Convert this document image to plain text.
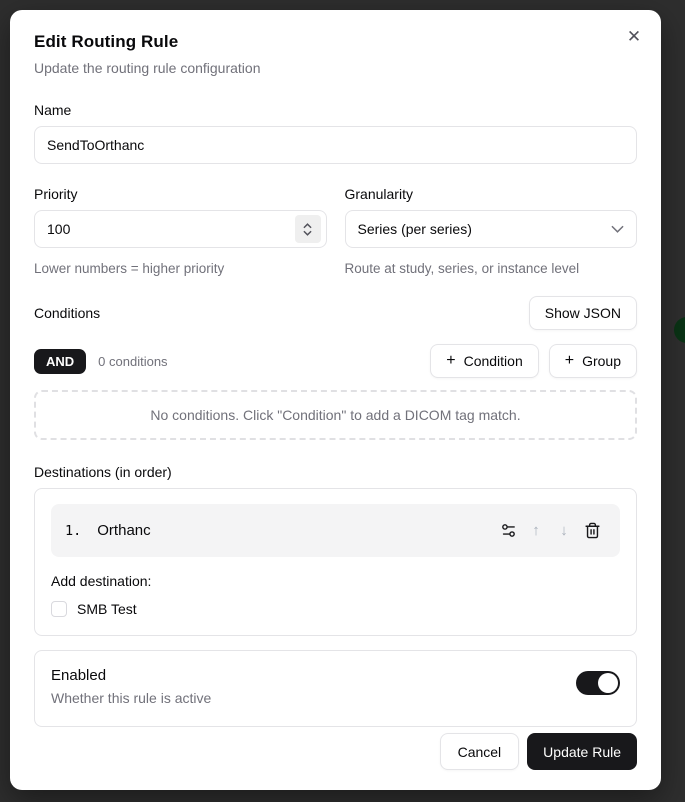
✕
Edit Routing Rule
Update the routing rule configuration
Name
SendToOrthanc
Priority
100
Lower numbers = higher priority
Granularity
Series (per series)
Route at study, series, or instance level
Conditions	Show JSON
AND	0 conditions	+ Condition	+ Group
No conditions. Click "Condition" to add a DICOM tag match.
Destinations (in order)
1. Orthanc	↑ ↓
Add destination:
SMB Test
Enabled
Whether this rule is active
Cancel	Update Rule
